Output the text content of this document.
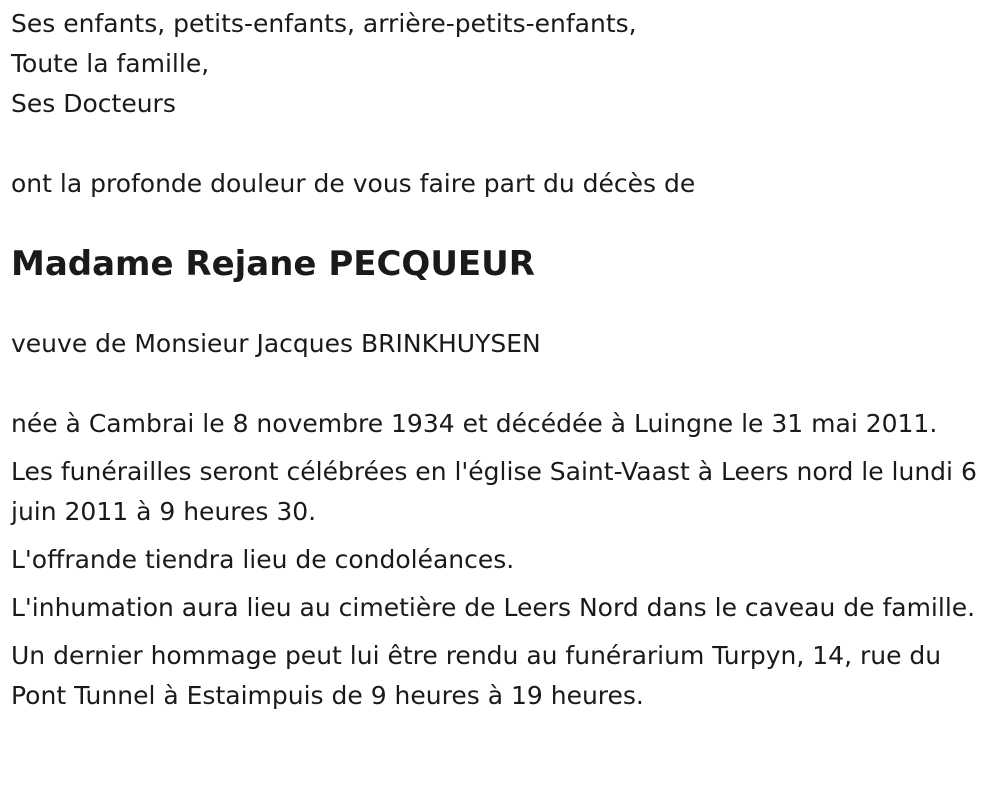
Ses enfants, petits-enfants, arrière-petits-enfants,
Toute la famille,
Ses Docteurs
ont la profonde douleur de vous faire part du décès de
Madame Rejane PECQUEUR
veuve de Monsieur Jacques BRINKHUYSEN
née à Cambrai le 8 novembre 1934 et décédée à Luingne le 31 mai 2011.
Les funérailles seront célébrées en l'église Saint-Vaast à Leers nord le lundi 6 juin 2011 à 9 heures 30.
L'offrande tiendra lieu de condoléances.
L'inhumation aura lieu au cimetière de Leers Nord dans le caveau de famille.
Un dernier hommage peut lui être rendu au funérarium Turpyn, 14, rue du Pont Tunnel à Estaimpuis de 9 heures à 19 heures.
